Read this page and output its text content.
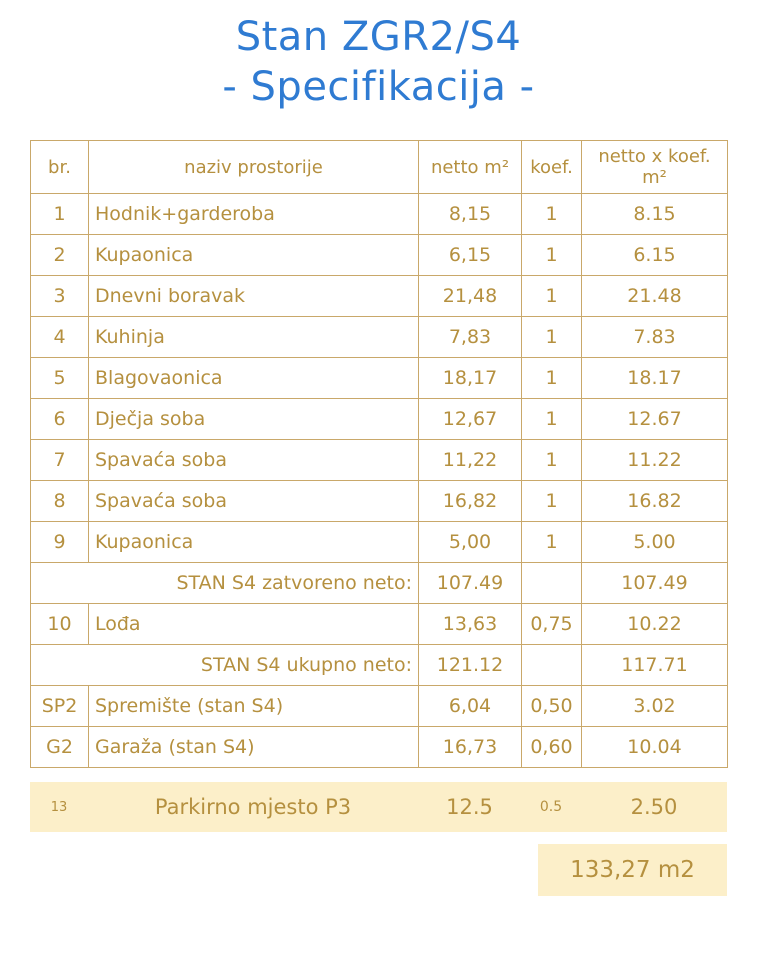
Stan ZGR2/S4
- Specifikacija -
br.	naziv prostorije	netto m²	koef.	netto x koef. m²
1	Hodnik+garderoba	8,15	1	8.15
2	Kupaonica	6,15	1	6.15
3	Dnevni boravak	21,48	1	21.48
4	Kuhinja	7,83	1	7.83
5	Blagovaonica	18,17	1	18.17
6	Dječja soba	12,67	1	12.67
7	Spavaća soba	11,22	1	11.22
8	Spavaća soba	16,82	1	16.82
9	Kupaonica	5,00	1	5.00
STAN S4 zatvoreno neto:		107.49		107.49
10	Lođa	13,63	0,75	10.22
STAN S4 ukupno neto:		121.12		117.71
SP2	Spremište (stan S4)	6,04	0,50	3.02
G2	Garaža (stan S4)	16,73	0,60	10.04
13	Parkirno mjesto P3	12.5	0.5	2.50
133,27 m2
